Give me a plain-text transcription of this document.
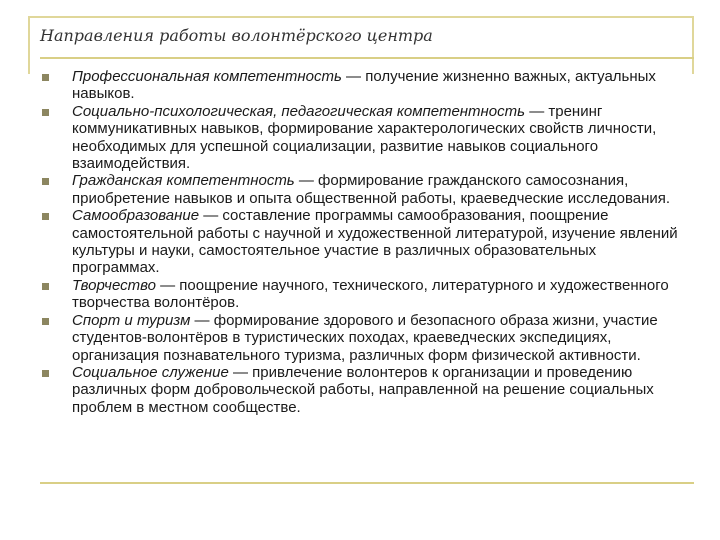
Направления работы волонтёрского центра
Профессиональная компетентность — получение жизненно важных, актуальных навыков.
Социально-психологическая, педагогическая компетентность — тренинг коммуникативных навыков, формирование характерологических свойств личности, необходимых для успешной социализации, развитие навыков социального взаимодействия.
Гражданская компетентность — формирование гражданского самосознания, приобретение навыков и опыта общественной работы, краеведческие исследования.
Самообразование — составление программы самообразования, поощрение самостоятельной работы с научной и художественной литературой, изучение явлений культуры и науки, самостоятельное участие в различных образовательных программах.
Творчество — поощрение научного, технического, литературного и художественного творчества волонтёров.
Спорт и туризм — формирование здорового и безопасного образа жизни, участие студентов-волонтёров в туристических походах, краеведческих экспедициях, организация познавательного туризма, различных форм физической активности.
Социальное служение — привлечение волонтеров к организации и проведению различных форм добровольческой работы, направленной на решение социальных проблем в местном сообществе.
